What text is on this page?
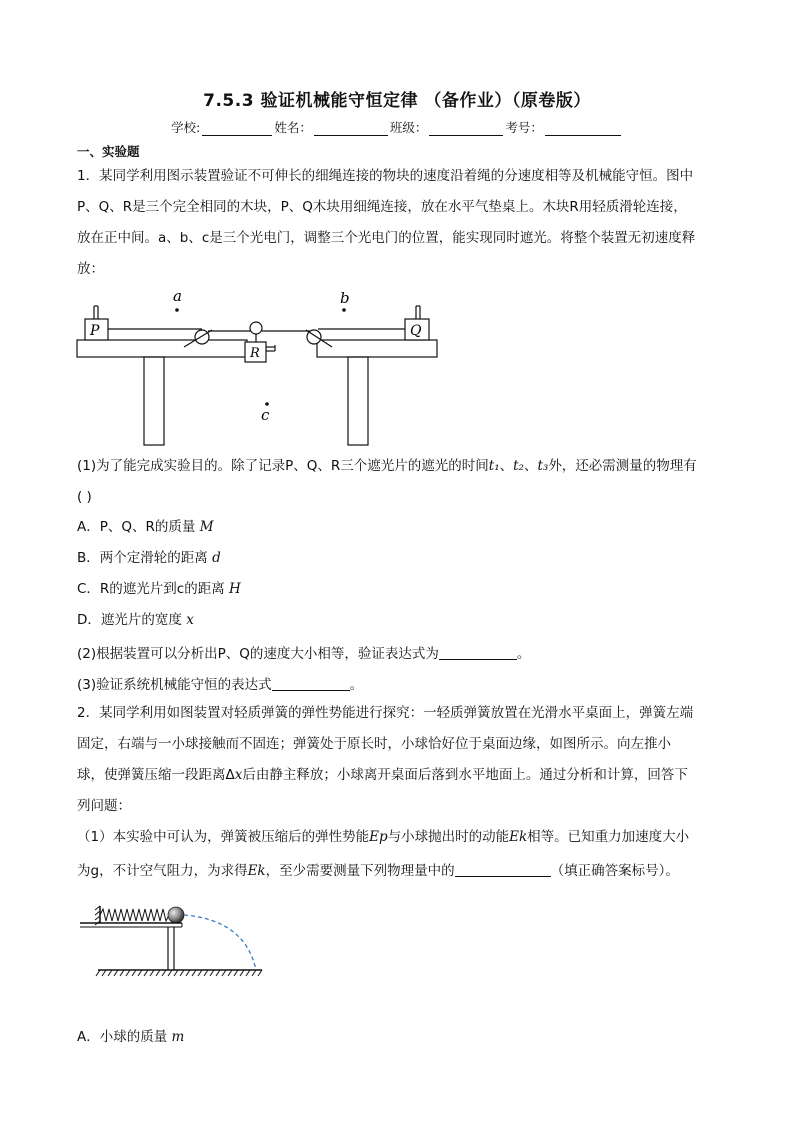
7.5.3 验证机械能守恒定律 （备作业）（原卷版）
学校:	姓名：	班级：	考号：
一、实验题
1．某同学利用图示装置验证不可伸长的细绳连接的物块的速度沿着绳的分速度相等及机械能守恒。图中
P、Q、R是三个完全相同的木块，P、Q木块用细绳连接，放在水平气垫桌上。木块R用轻质滑轮连接，
放在正中间。a、b、c是三个光电门，调整三个光电门的位置，能实现同时遮光。将整个装置无初速度释
放：
P	Q
R
a	b
c
(1)为了能完成实验目的。除了记录P、Q、R三个遮光片的遮光的时间t₁、t₂、t₃外，还必需测量的物理有
( )
A．P、Q、R的质量 M
B．两个定滑轮的距离 d
C．R的遮光片到c的距离 H
D．遮光片的宽度 x
(2)根据装置可以分析出P、Q的速度大小相等，验证表达式为	。
(3)验证系统机械能守恒的表达式	。
2．某同学利用如图装置对轻质弹簧的弹性势能进行探究：一轻质弹簧放置在光滑水平桌面上，弹簧左端
固定，右端与一小球接触而不固连；弹簧处于原长时，小球恰好位于桌面边缘，如图所示。向左推小
球，使弹簧压缩一段距离Δx后由静主释放；小球离开桌面后落到水平地面上。通过分析和计算，回答下
列问题：
（1）本实验中可认为，弹簧被压缩后的弹性势能Ep与小球抛出时的动能Ek相等。已知重力加速度大小
为g，不计空气阻力，为求得Ek，至少需要测量下列物理量中的	（填正确答案标号）。
A．小球的质量 m
